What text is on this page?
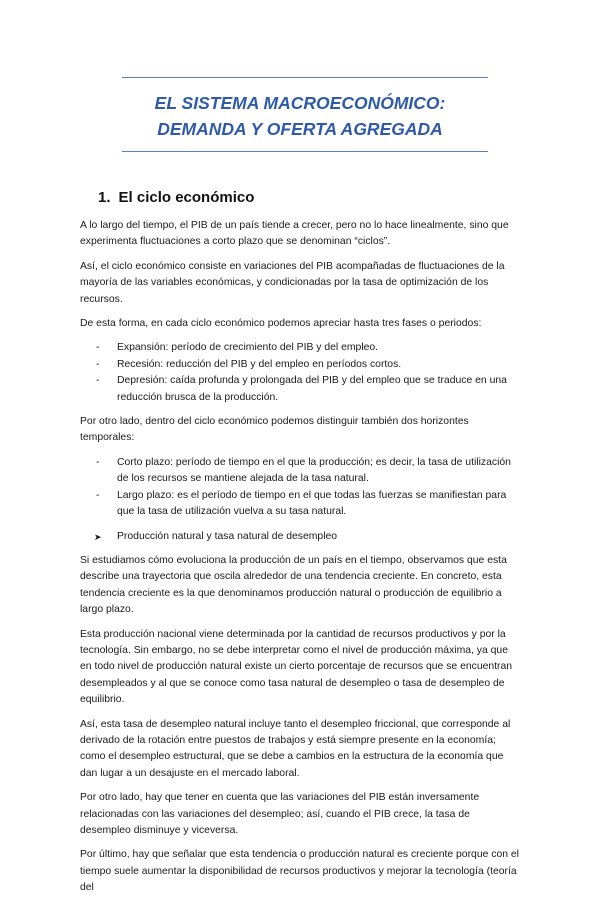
EL SISTEMA MACROECONÓMICO:
DEMANDA Y OFERTA AGREGADA
1. El ciclo económico

A lo largo del tiempo, el PIB de un país tiende a crecer, pero no lo hace linealmente, sino que experimenta fluctuaciones a corto plazo que se denominan “ciclos”.

Así, el ciclo económico consiste en variaciones del PIB acompañadas de fluctuaciones de la mayoría de las variables económicas, y condicionadas por la tasa de optimización de los recursos.

De esta forma, en cada ciclo económico podemos apreciar hasta tres fases o periodos:

- Expansión: período de crecimiento del PIB y del empleo.
- Recesión: reducción del PIB y del empleo en períodos cortos.
- Depresión: caída profunda y prolongada del PIB y del empleo que se traduce en una reducción brusca de la producción.

Por otro lado, dentro del ciclo económico podemos distinguir también dos horizontes temporales:

- Corto plazo: período de tiempo en el que la producción; es decir, la tasa de utilización de los recursos se mantiene alejada de la tasa natural.
- Largo plazo: es el período de tiempo en el que todas las fuerzas se manifiestan para que la tasa de utilización vuelva a su tasa natural.
➤ Producción natural y tasa natural de desempleo

Si estudiamos cómo evoluciona la producción de un país en el tiempo, observamos que esta describe una trayectoria que oscila alrededor de una tendencia creciente. En concreto, esta tendencia creciente es la que denominamos producción natural o producción de equilibrio a largo plazo.

Esta producción nacional viene determinada por la cantidad de recursos productivos y por la tecnología. Sin embargo, no se debe interpretar como el nivel de producción máxima, ya que en todo nivel de producción natural existe un cierto porcentaje de recursos que se encuentran desempleados y al que se conoce como tasa natural de desempleo o tasa de desempleo de equilibrio.

Así, esta tasa de desempleo natural incluye tanto el desempleo friccional, que corresponde al derivado de la rotación entre puestos de trabajos y está siempre presente en la economía; como el desempleo estructural, que se debe a cambios en la estructura de la economía que dan lugar a un desajuste en el mercado laboral.

Por otro lado, hay que tener en cuenta que las variaciones del PIB están inversamente relacionadas con las variaciones del desempleo; así, cuando el PIB crece, la tasa de desempleo disminuye y viceversa.

Por último, hay que señalar que esta tendencia o producción natural es creciente porque con el tiempo suele aumentar la disponibilidad de recursos productivos y mejorar la tecnología (teoría del
